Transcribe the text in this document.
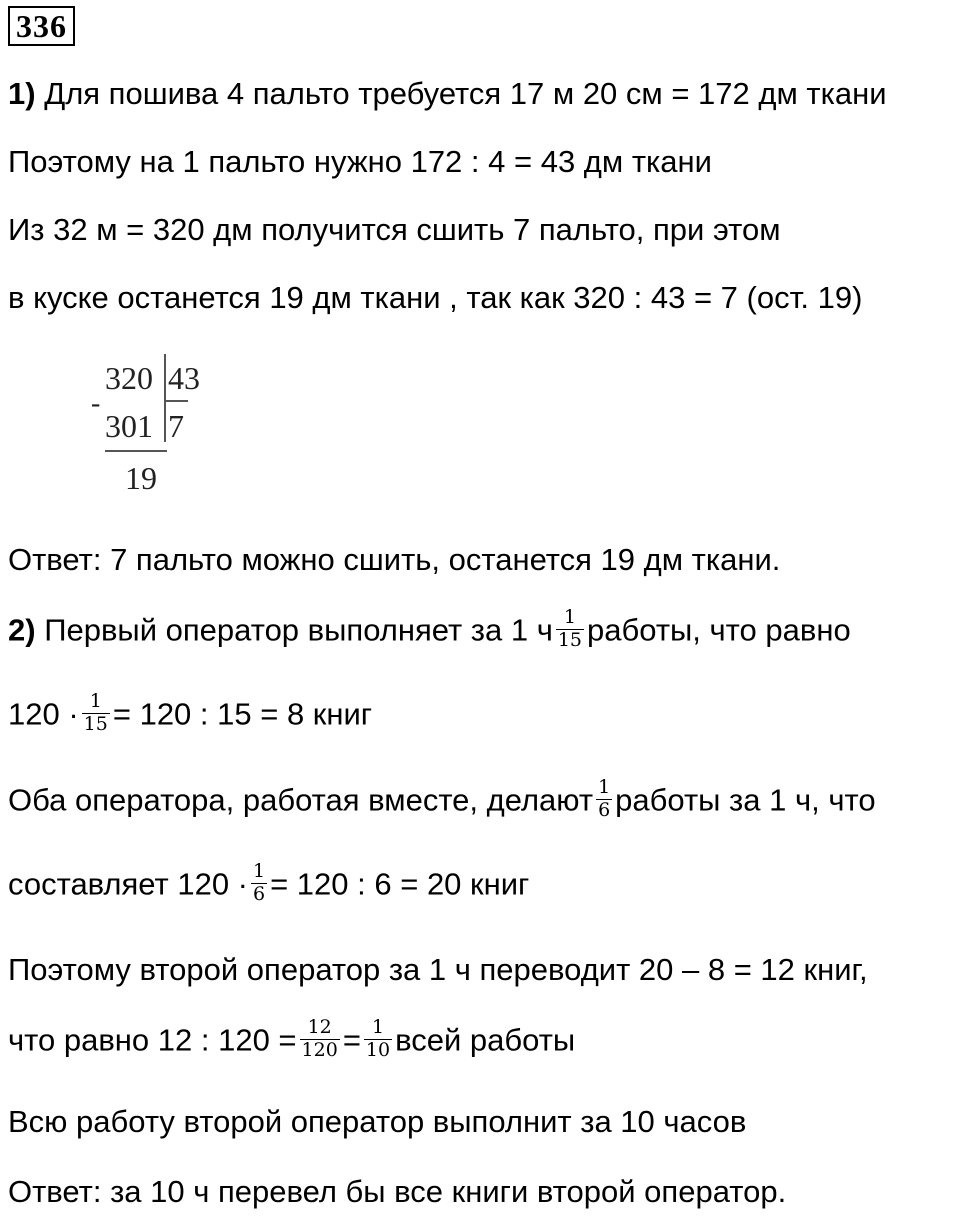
336
1) Для пошива 4 пальто требуется 17 м 20 см = 172 дм ткани
Поэтому на 1 пальто нужно 172 : 4 = 43 дм ткани
Из 32 м = 320 дм получится сшить 7 пальто, при этом
в куске останется 19 дм ткани , так как 320 : 43 = 7 (ост. 19)
320 43
-
301 7
19
Ответ: 7 пальто можно сшить, останется 19 дм ткани.
2) Первый оператор выполняет за 1 ч $\frac{1}{15}$ работы, что равно
$120 \cdot \frac{1}{15} = 120$ : 15 = 8 книг
Оба оператора, работая вместе, делают $\frac{1}{6}$ работы за 1 ч, что
составляет $120 \cdot \frac{1}{6} = 120$ : 6 = 20 книг
Поэтому второй оператор за 1 ч переводит 20 – 8 = 12 книг,
что равно 12 : $120 = \frac{12}{120} = \frac{1}{10}$ всей работы
Всю работу второй оператор выполнит за 10 часов
Ответ: за 10 ч перевел бы все книги второй оператор.
